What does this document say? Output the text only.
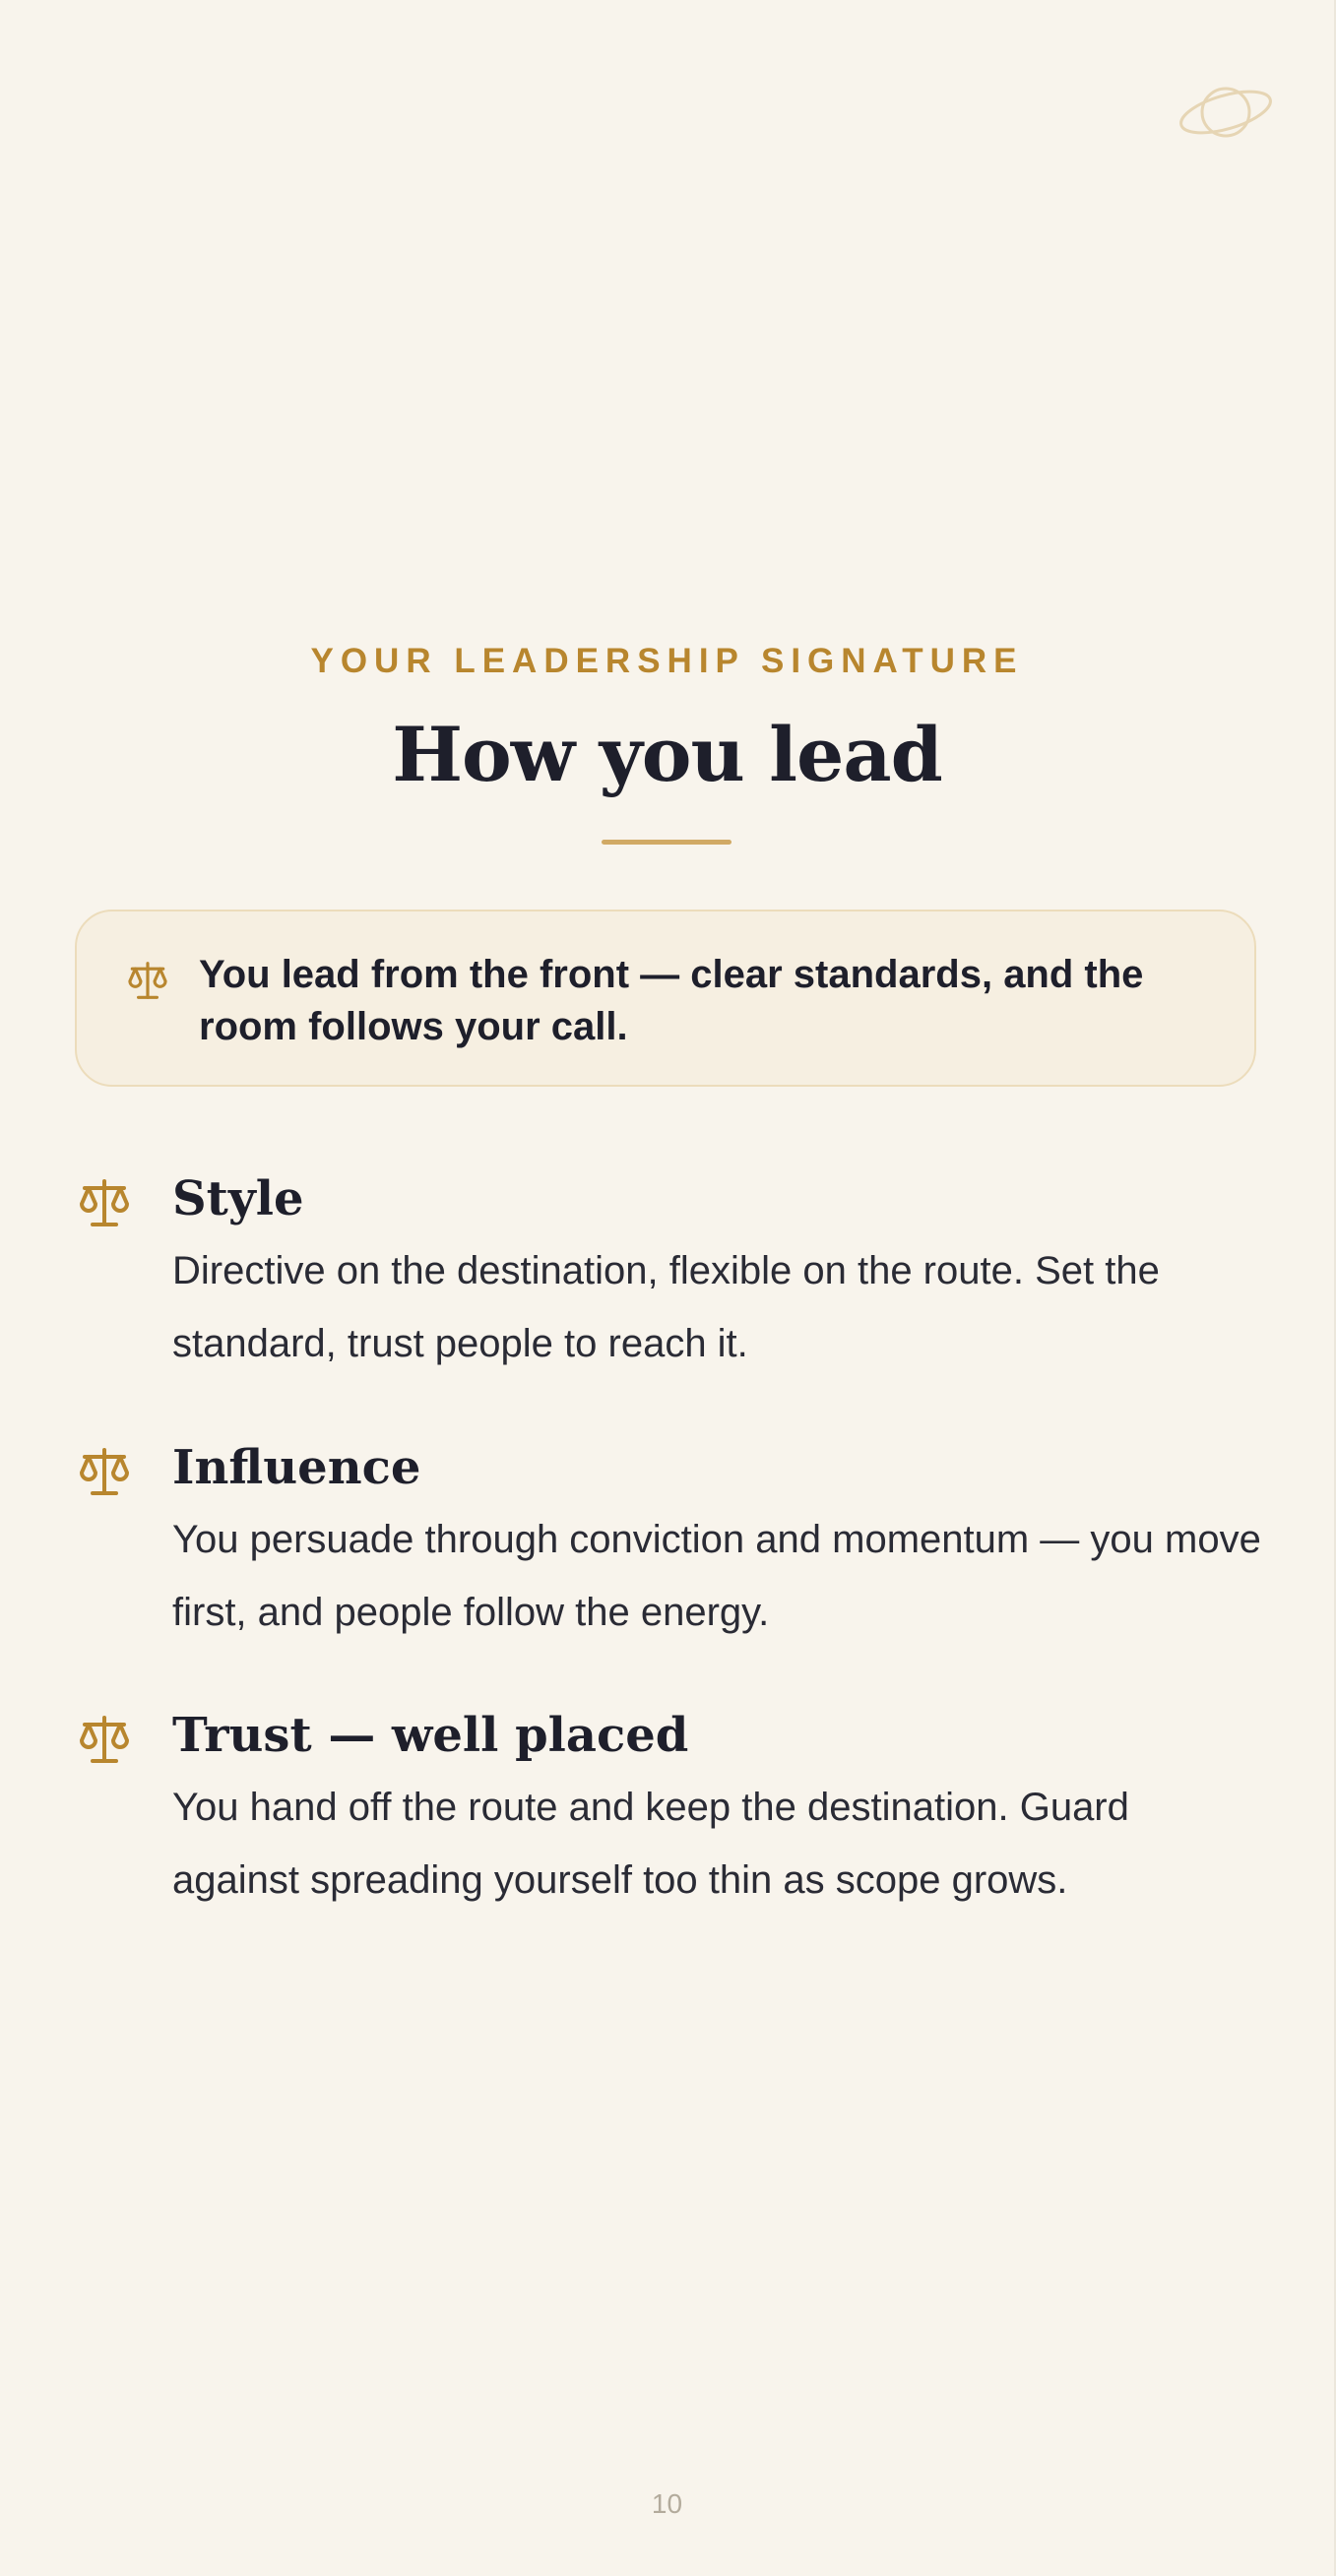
YOUR LEADERSHIP SIGNATURE
How you lead
You lead from the front — clear standards, and the room follows your call.
Style
Directive on the destination, flexible on the route. Set the standard, trust people to reach it.
Influence
You persuade through conviction and momentum — you move first, and people follow the energy.
Trust — well placed
You hand off the route and keep the destination. Guard against spreading yourself too thin as scope grows.
10
